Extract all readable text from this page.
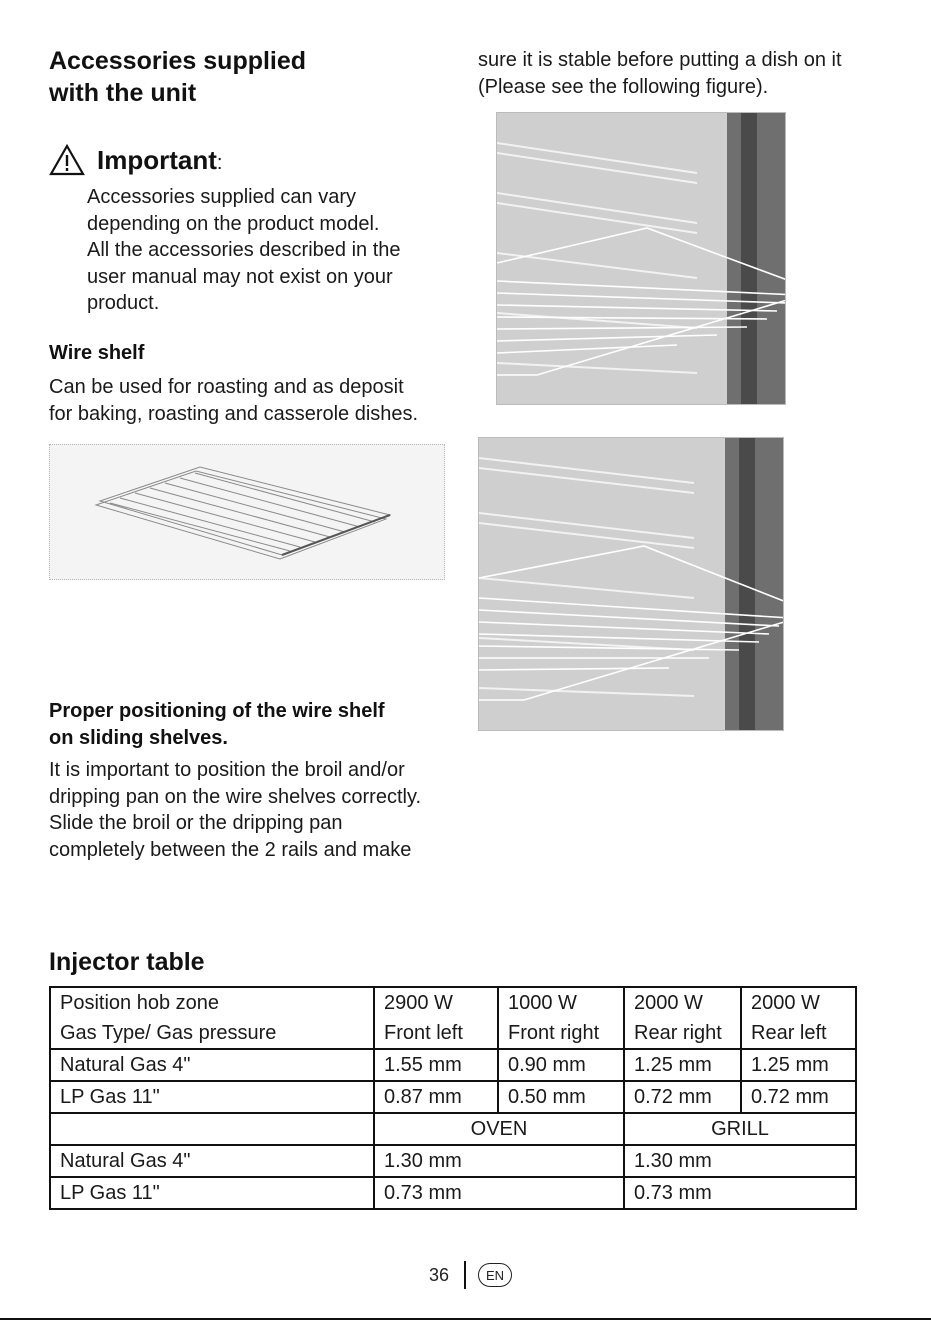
Accessories supplied
with the unit
Important:
Accessories supplied can vary
depending on the product model.
All the accessories described in the
user manual may not exist on your
product.
Wire shelf
Can be used for roasting and as deposit
for baking, roasting and casserole dishes.
Proper positioning of the wire shelf
on sliding shelves.
It is important to position the broil and/or
dripping pan on the wire shelves correctly.
Slide the broil or the dripping pan
completely between the 2 rails and make
sure it is stable before putting a dish on it
(Please see the following figure).
Injector table
Position hob zone	2900 W	1000 W	2000 W	2000 W
Gas Type/ Gas pressure	Front left	Front right	Rear right	Rear left
Natural Gas 4"	1.55 mm	0.90 mm	1.25 mm	1.25 mm
LP Gas 11"	0.87 mm	0.50 mm	0.72 mm	0.72 mm
	OVEN		GRILL	
Natural Gas 4"	1.30 mm		1.30 mm	
LP Gas 11"	0.73 mm		0.73 mm	
36	EN
